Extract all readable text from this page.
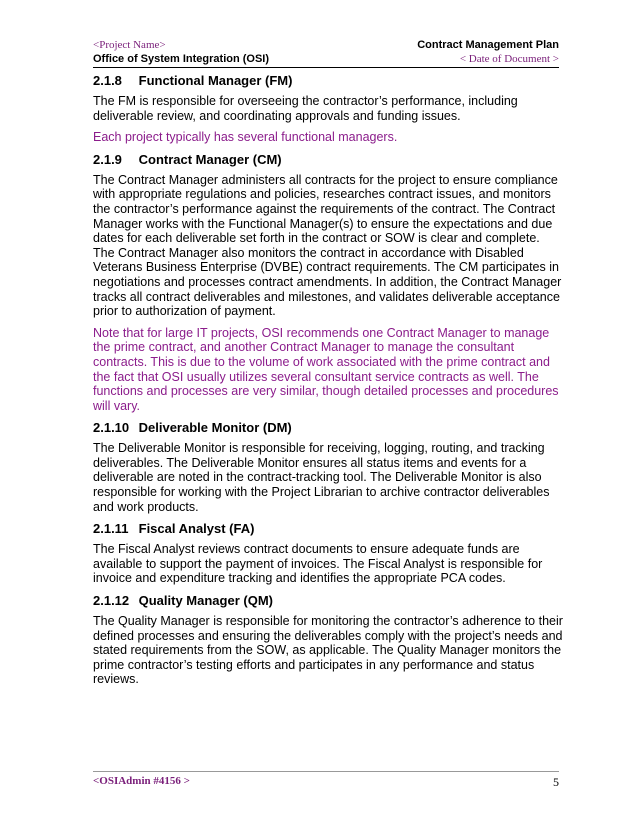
<Project Name>	Contract Management Plan
Office of System Integration (OSI)	< Date of Document >
2.1.8 Functional Manager (FM)

The FM is responsible for overseeing the contractor’s performance, including deliverable review, and coordinating approvals and funding issues.

Each project typically has several functional managers.

2.1.9 Contract Manager (CM)

The Contract Manager administers all contracts for the project to ensure compliance with appropriate regulations and policies, researches contract issues, and monitors the contractor’s performance against the requirements of the contract. The Contract Manager works with the Functional Manager(s) to ensure the expectations and due dates for each deliverable set forth in the contract or SOW is clear and complete. The Contract Manager also monitors the contract in accordance with Disabled Veterans Business Enterprise (DVBE) contract requirements. The CM participates in negotiations and processes contract amendments. In addition, the Contract Manager tracks all contract deliverables and milestones, and validates deliverable acceptance prior to authorization of payment.

Note that for large IT projects, OSI recommends one Contract Manager to manage the prime contract, and another Contract Manager to manage the consultant contracts. This is due to the volume of work associated with the prime contract and the fact that OSI usually utilizes several consultant service contracts as well. The functions and processes are very similar, though detailed processes and procedures will vary.

2.1.10 Deliverable Monitor (DM)

The Deliverable Monitor is responsible for receiving, logging, routing, and tracking deliverables. The Deliverable Monitor ensures all status items and events for a deliverable are noted in the contract-tracking tool. The Deliverable Monitor is also responsible for working with the Project Librarian to archive contractor deliverables and work products.

2.1.11 Fiscal Analyst (FA)

The Fiscal Analyst reviews contract documents to ensure adequate funds are available to support the payment of invoices. The Fiscal Analyst is responsible for invoice and expenditure tracking and identifies the appropriate PCA codes.

2.1.12 Quality Manager (QM)

The Quality Manager is responsible for monitoring the contractor’s adherence to their defined processes and ensuring the deliverables comply with the project’s needs and stated requirements from the SOW, as applicable. The Quality Manager monitors the prime contractor’s testing efforts and participates in any performance and status reviews.

<OSIAdmin #4156 >	5
